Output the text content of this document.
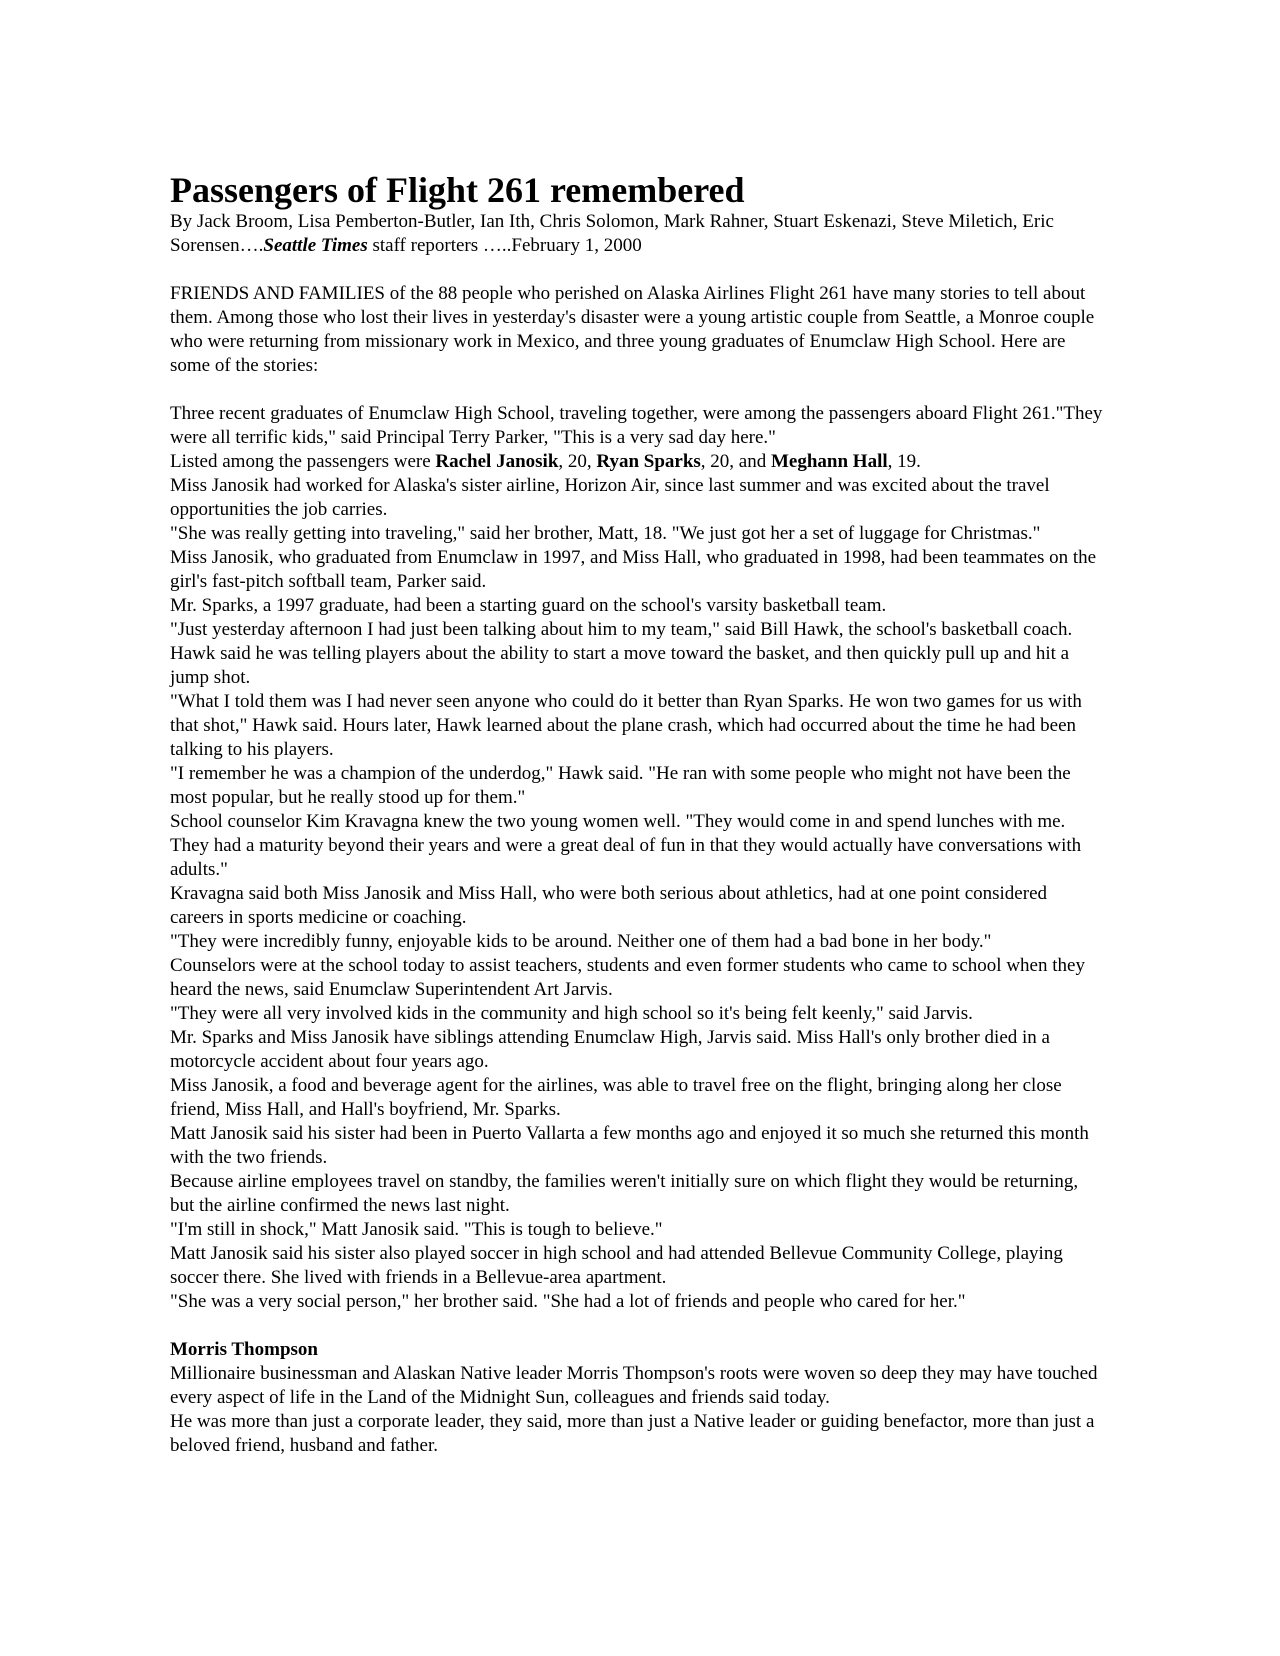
Passengers of Flight 261 remembered

By Jack Broom, Lisa Pemberton-Butler, Ian Ith, Chris Solomon, Mark Rahner, Stuart Eskenazi, Steve Miletich, Eric Sorensen….Seattle Times staff reporters …..February 1, 2000

FRIENDS AND FAMILIES of the 88 people who perished on Alaska Airlines Flight 261 have many stories to tell about them. Among those who lost their lives in yesterday's disaster were a young artistic couple from Seattle, a Monroe couple who were returning from missionary work in Mexico, and three young graduates of Enumclaw High School. Here are some of the stories:

Three recent graduates of Enumclaw High School, traveling together, were among the passengers aboard Flight 261."They were all terrific kids," said Principal Terry Parker, "This is a very sad day here."

Listed among the passengers were Rachel Janosik, 20, Ryan Sparks, 20, and Meghann Hall, 19.

Miss Janosik had worked for Alaska's sister airline, Horizon Air, since last summer and was excited about the travel opportunities the job carries.

"She was really getting into traveling," said her brother, Matt, 18. "We just got her a set of luggage for Christmas."

Miss Janosik, who graduated from Enumclaw in 1997, and Miss Hall, who graduated in 1998, had been teammates on the girl's fast-pitch softball team, Parker said.

Mr. Sparks, a 1997 graduate, had been a starting guard on the school's varsity basketball team.

"Just yesterday afternoon I had just been talking about him to my team," said Bill Hawk, the school's basketball coach. Hawk said he was telling players about the ability to start a move toward the basket, and then quickly pull up and hit a jump shot.

"What I told them was I had never seen anyone who could do it better than Ryan Sparks. He won two games for us with that shot," Hawk said. Hours later, Hawk learned about the plane crash, which had occurred about the time he had been talking to his players.

"I remember he was a champion of the underdog," Hawk said. "He ran with some people who might not have been the most popular, but he really stood up for them."

School counselor Kim Kravagna knew the two young women well. "They would come in and spend lunches with me. They had a maturity beyond their years and were a great deal of fun in that they would actually have conversations with adults."

Kravagna said both Miss Janosik and Miss Hall, who were both serious about athletics, had at one point considered careers in sports medicine or coaching.

"They were incredibly funny, enjoyable kids to be around. Neither one of them had a bad bone in her body."

Counselors were at the school today to assist teachers, students and even former students who came to school when they heard the news, said Enumclaw Superintendent Art Jarvis.

"They were all very involved kids in the community and high school so it's being felt keenly," said Jarvis.

Mr. Sparks and Miss Janosik have siblings attending Enumclaw High, Jarvis said. Miss Hall's only brother died in a motorcycle accident about four years ago.

Miss Janosik, a food and beverage agent for the airlines, was able to travel free on the flight, bringing along her close friend, Miss Hall, and Hall's boyfriend, Mr. Sparks.

Matt Janosik said his sister had been in Puerto Vallarta a few months ago and enjoyed it so much she returned this month with the two friends.

Because airline employees travel on standby, the families weren't initially sure on which flight they would be returning, but the airline confirmed the news last night.

"I'm still in shock," Matt Janosik said. "This is tough to believe."

Matt Janosik said his sister also played soccer in high school and had attended Bellevue Community College, playing soccer there. She lived with friends in a Bellevue-area apartment.

"She was a very social person," her brother said. "She had a lot of friends and people who cared for her."

Morris Thompson

Millionaire businessman and Alaskan Native leader Morris Thompson's roots were woven so deep they may have touched every aspect of life in the Land of the Midnight Sun, colleagues and friends said today.

He was more than just a corporate leader, they said, more than just a Native leader or guiding benefactor, more than just a beloved friend, husband and father.
